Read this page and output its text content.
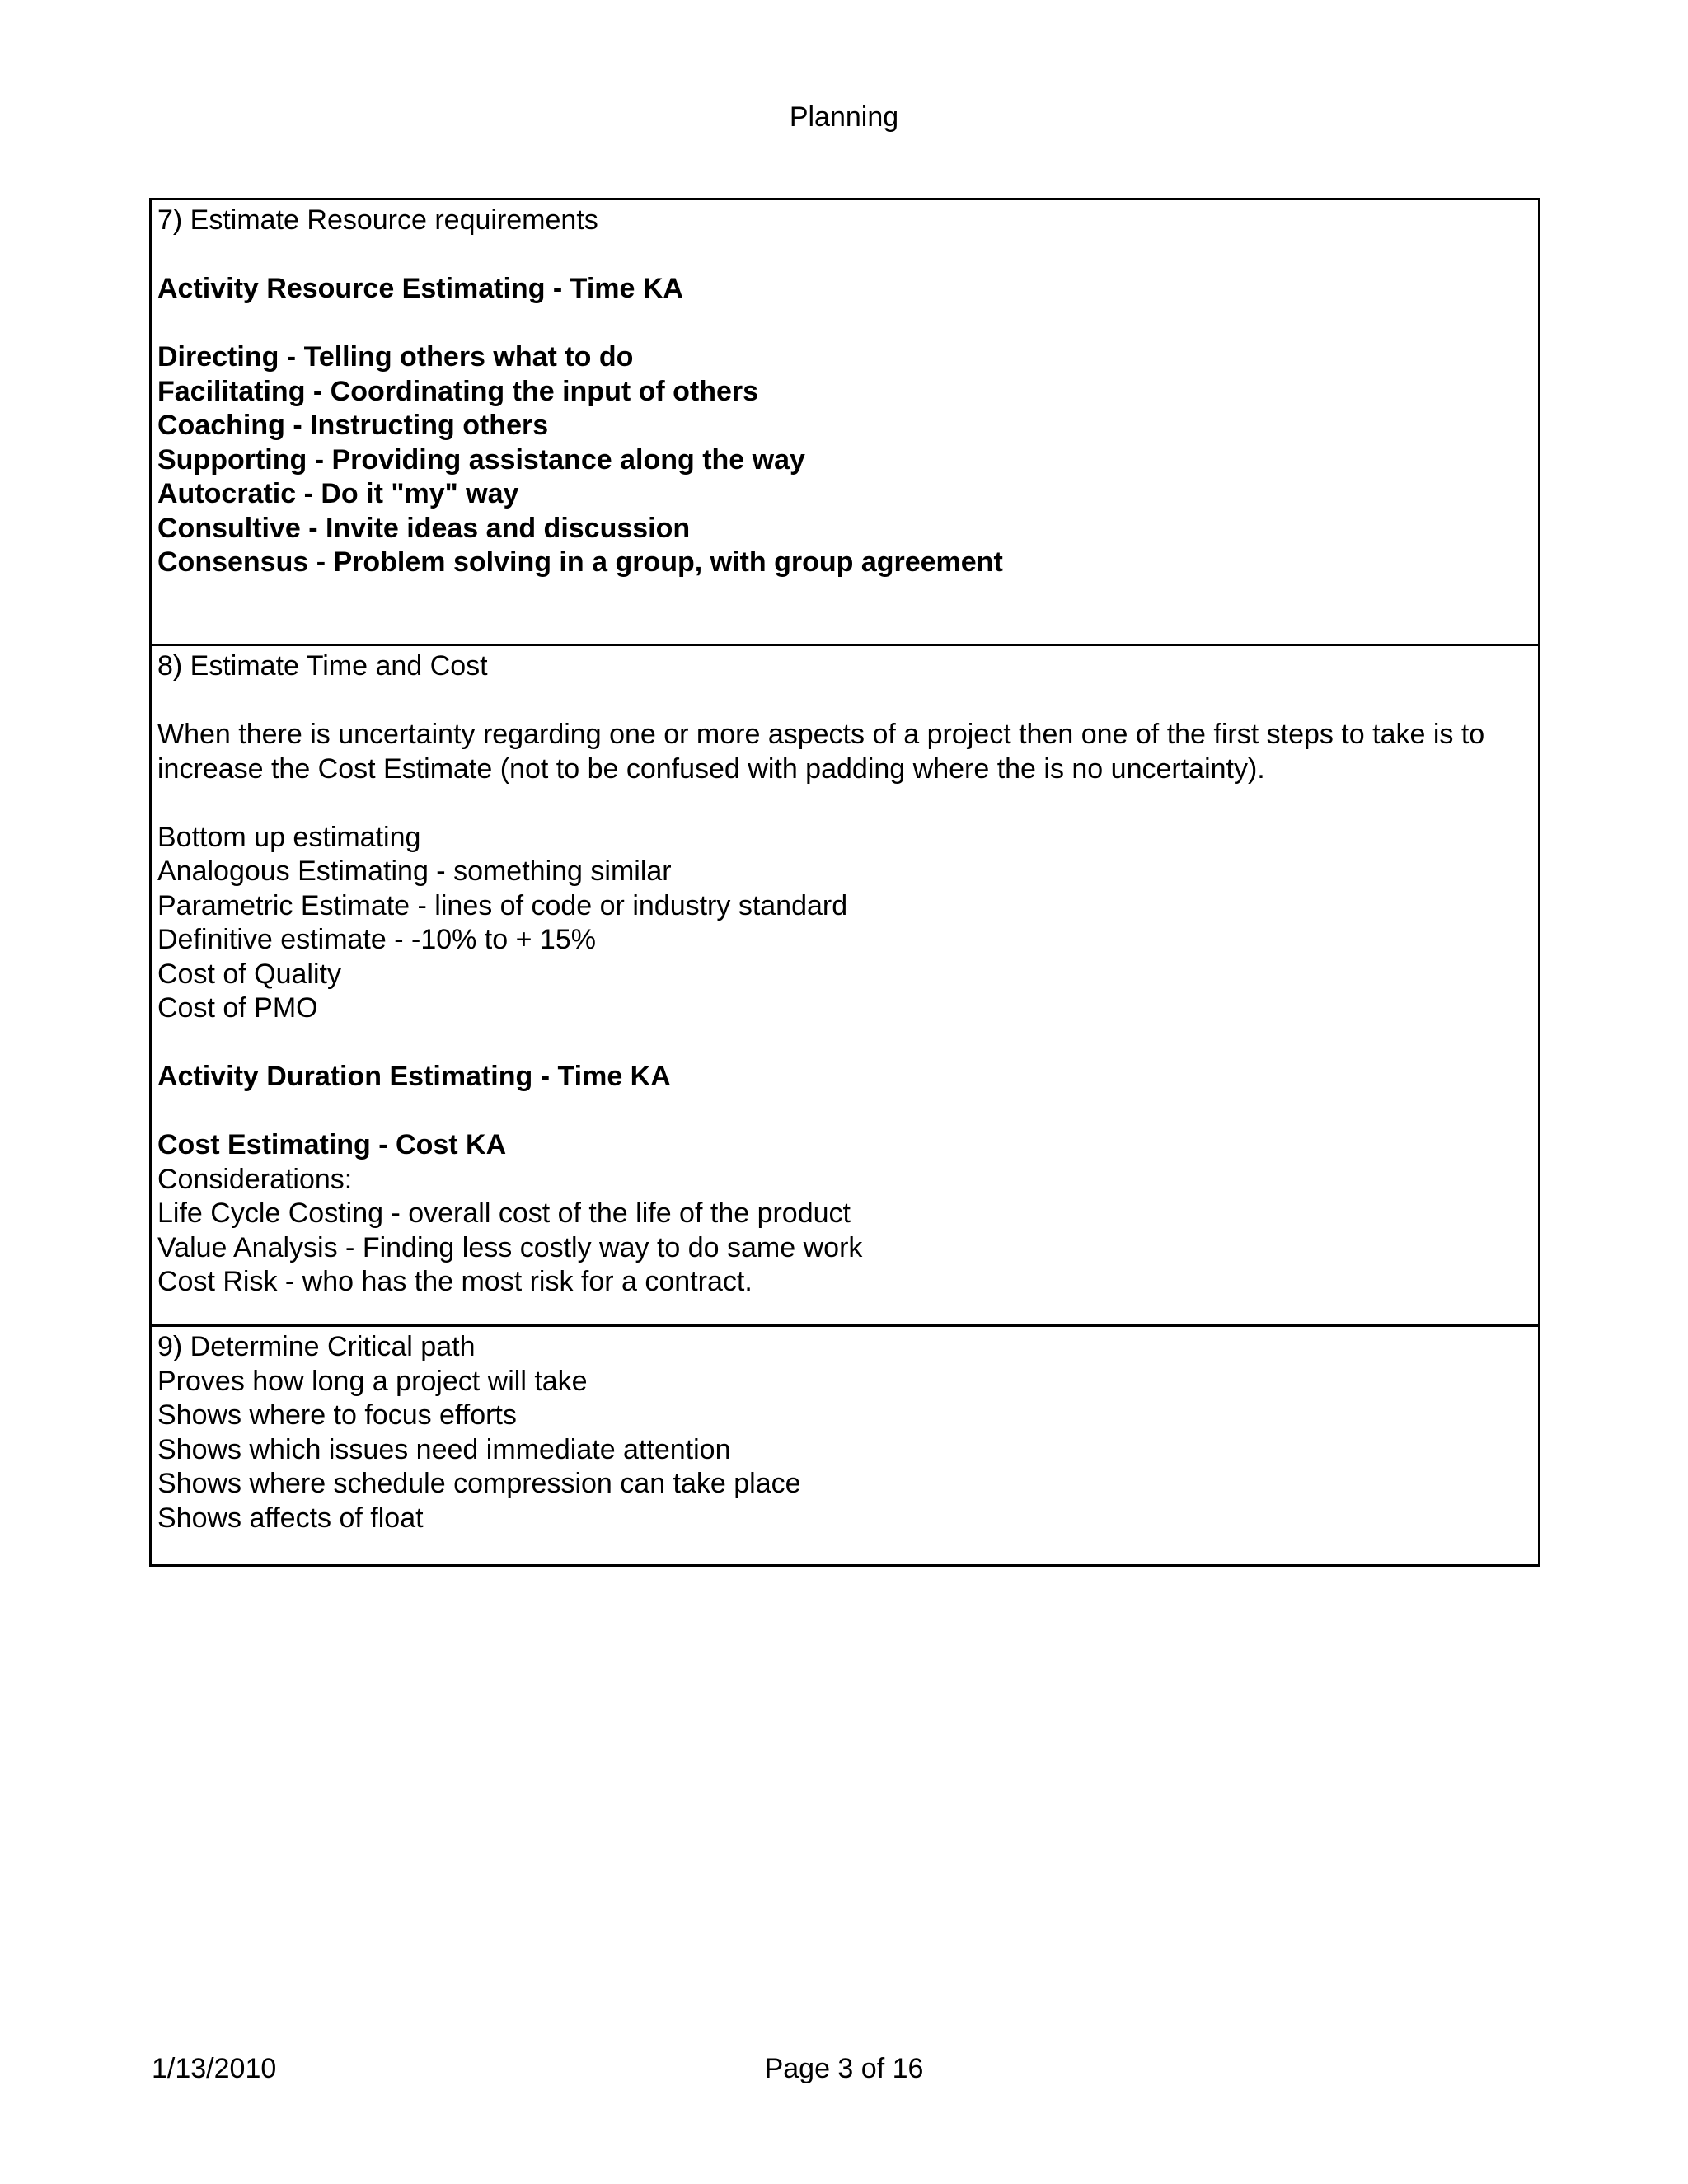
Planning
7) Estimate Resource requirements
Activity Resource Estimating - Time KA
Directing - Telling others what to do
Facilitating - Coordinating the input of others
Coaching - Instructing others
Supporting - Providing assistance along the way
Autocratic - Do it "my" way
Consultive - Invite ideas and discussion
Consensus - Problem solving in a group, with group agreement
8) Estimate Time and Cost
When there is uncertainty regarding one or more aspects of a project then one of the first steps to take is to
increase the Cost Estimate (not to be confused with padding where the is no uncertainty).
Bottom up estimating
Analogous Estimating - something similar
Parametric Estimate - lines of code or industry standard
Definitive estimate - -10% to + 15%
Cost of Quality
Cost of PMO
Activity Duration Estimating - Time KA
Cost Estimating - Cost KA
Considerations:
Life Cycle Costing - overall cost of the life of the product
Value Analysis - Finding less costly way to do same work
Cost Risk - who has the most risk for a contract.
9) Determine Critical path
Proves how long a project will take
Shows where to focus efforts
Shows which issues need immediate attention
Shows where schedule compression can take place
Shows affects of float
1/13/2010	Page 3 of 16
